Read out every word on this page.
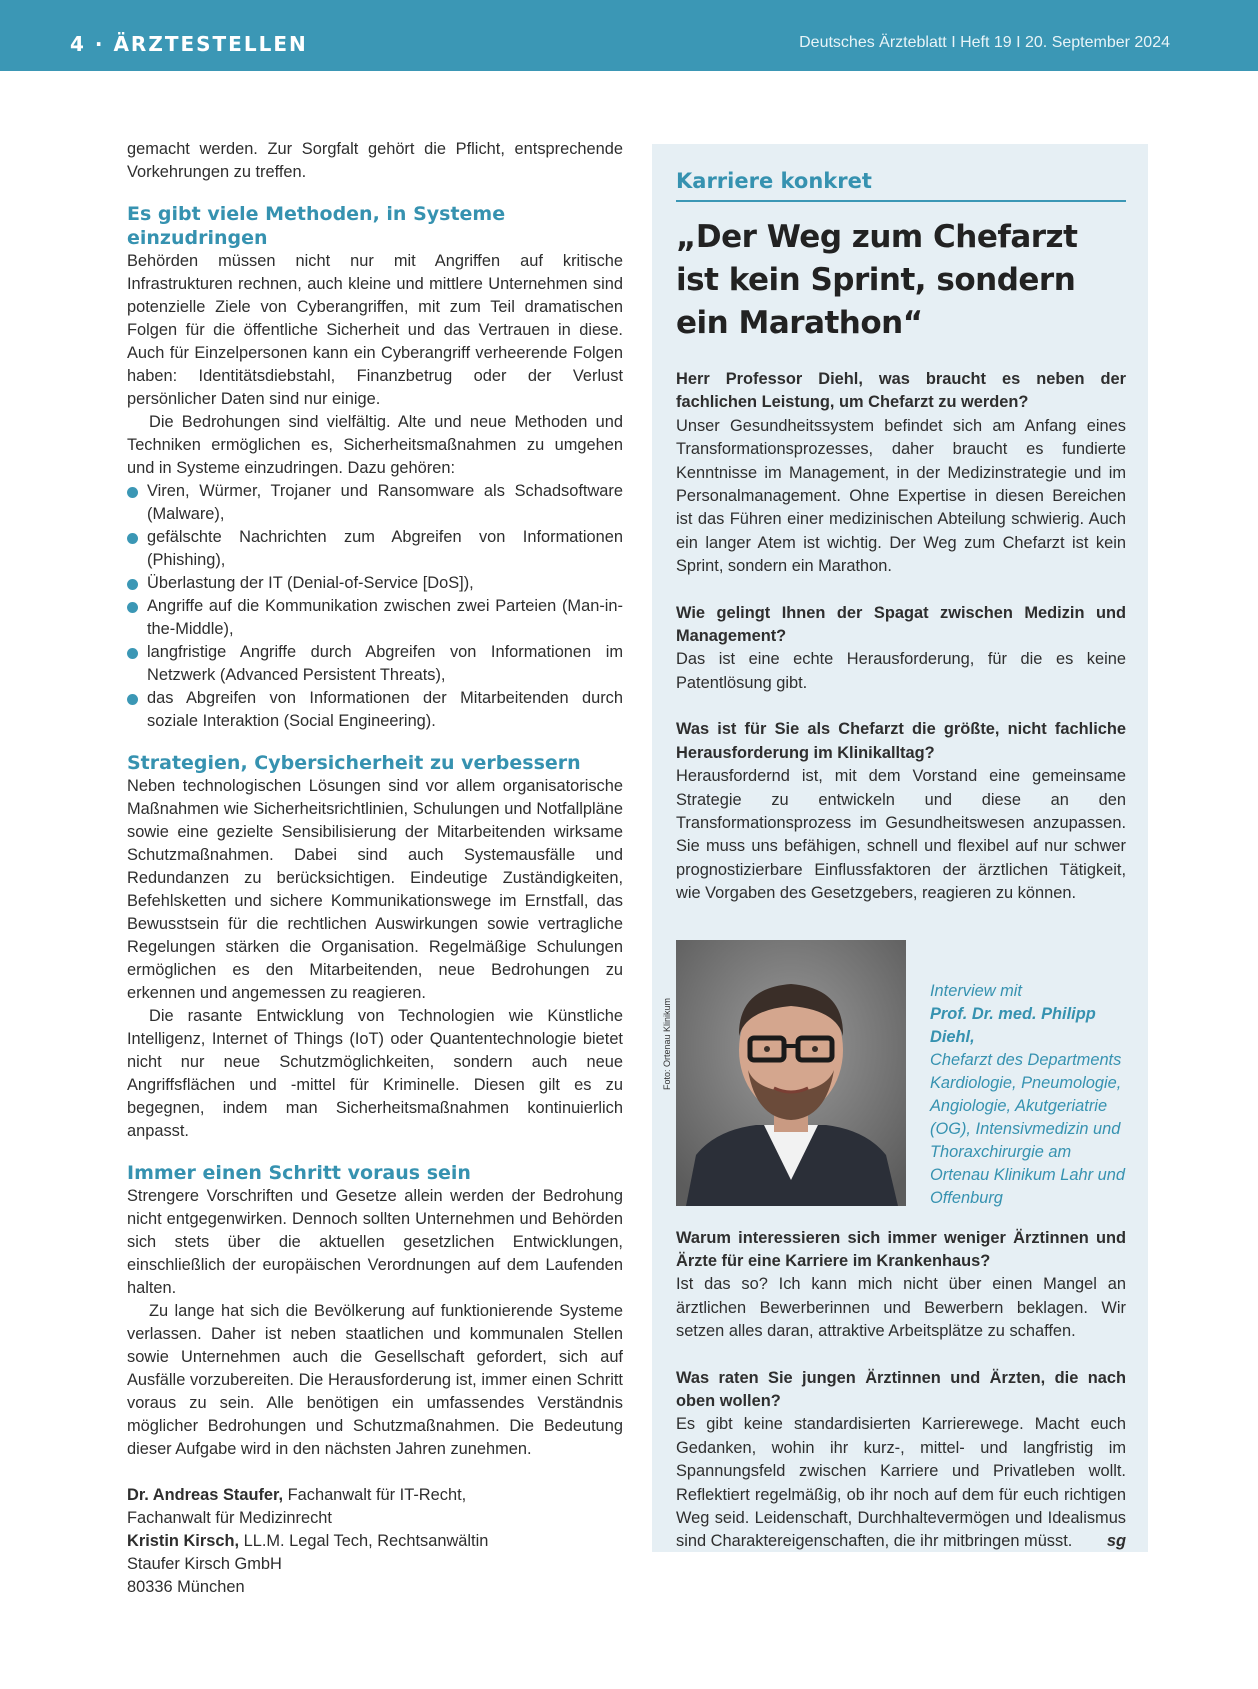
4 · ÄRZTESTELLEN	Deutsches Ärzteblatt I Heft 19 I 20. September 2024

gemacht werden. Zur Sorgfalt gehört die Pflicht, entsprechende Vorkehrungen zu treffen.

Es gibt viele Methoden, in Systeme einzudringen

Behörden müssen nicht nur mit Angriffen auf kritische Infrastrukturen rechnen, auch kleine und mittlere Unternehmen sind potenzielle Ziele von Cyberangriffen, mit zum Teil dramatischen Folgen für die öffentliche Sicherheit und das Vertrauen in diese. Auch für Einzelpersonen kann ein Cyberangriff verheerende Folgen haben: Identitätsdiebstahl, Finanzbetrug oder der Verlust persönlicher Daten sind nur einige.

Die Bedrohungen sind vielfältig. Alte und neue Methoden und Techniken ermöglichen es, Sicherheitsmaßnahmen zu umgehen und in Systeme einzudringen. Dazu gehören:

Viren, Würmer, Trojaner und Ransomware als Schadsoftware (Malware),
gefälschte Nachrichten zum Abgreifen von Informationen (Phishing),
Überlastung der IT (Denial-of-Service [DoS]),
Angriffe auf die Kommunikation zwischen zwei Parteien (Man-in-the-Middle),
langfristige Angriffe durch Abgreifen von Informationen im Netzwerk (Advanced Persistent Threats),
das Abgreifen von Informationen der Mitarbeitenden durch soziale Interaktion (Social Engineering).
Strategien, Cybersicherheit zu verbessern

Neben technologischen Lösungen sind vor allem organisatorische Maßnahmen wie Sicherheitsrichtlinien, Schulungen und Notfallpläne sowie eine gezielte Sensibilisierung der Mitarbeitenden wirksame Schutzmaßnahmen. Dabei sind auch Systemausfälle und Redundanzen zu berücksichtigen. Eindeutige Zuständigkeiten, Befehlsketten und sichere Kommunikationswege im Ernstfall, das Bewusstsein für die rechtlichen Auswirkungen sowie vertragliche Regelungen stärken die Organisation. Regelmäßige Schulungen ermöglichen es den Mitarbeitenden, neue Bedrohungen zu erkennen und angemessen zu reagieren.

Die rasante Entwicklung von Technologien wie Künstliche Intelligenz, Internet of Things (IoT) oder Quantentechnologie bietet nicht nur neue Schutzmöglichkeiten, sondern auch neue Angriffsflächen und -mittel für Kriminelle. Diesen gilt es zu begegnen, indem man Sicherheitsmaßnahmen kontinuierlich anpasst.

Immer einen Schritt voraus sein

Strengere Vorschriften und Gesetze allein werden der Bedrohung nicht entgegenwirken. Dennoch sollten Unternehmen und Behörden sich stets über die aktuellen gesetzlichen Entwicklungen, einschließlich der europäischen Verordnungen auf dem Laufenden halten.

Zu lange hat sich die Bevölkerung auf funktionierende Systeme verlassen. Daher ist neben staatlichen und kommunalen Stellen sowie Unternehmen auch die Gesellschaft gefordert, sich auf Ausfälle vorzubereiten. Die Herausforderung ist, immer einen Schritt voraus zu sein. Alle benötigen ein umfassendes Verständnis möglicher Bedrohungen und Schutzmaßnahmen. Die Bedeutung dieser Aufgabe wird in den nächsten Jahren zunehmen.

Dr. Andreas Staufer, Fachanwalt für IT-Recht,
Fachanwalt für Medizinrecht
Kristin Kirsch, LL.M. Legal Tech, Rechtsanwältin
Staufer Kirsch GmbH
80336 München
Karriere konkret
„Der Weg zum Chefarzt ist kein Sprint, sondern ein Marathon“
Herr Professor Diehl, was braucht es neben der fachlichen Leistung, um Chefarzt zu werden?
Unser Gesundheitssystem befindet sich am Anfang eines Transformationsprozesses, daher braucht es fundierte Kenntnisse im Management, in der Medizinstrategie und im Personalmanagement. Ohne Expertise in diesen Bereichen ist das Führen einer medizinischen Abteilung schwierig. Auch ein langer Atem ist wichtig. Der Weg zum Chefarzt ist kein Sprint, sondern ein Marathon.
Wie gelingt Ihnen der Spagat zwischen Medizin und Management?
Das ist eine echte Herausforderung, für die es keine Patentlösung gibt.
Was ist für Sie als Chefarzt die größte, nicht fachliche Herausforderung im Klinikalltag?
Herausfordernd ist, mit dem Vorstand eine gemeinsame Strategie zu entwickeln und diese an den Transformationsprozess im Gesundheitswesen anzupassen. Sie muss uns befähigen, schnell und flexibel auf nur schwer prognostizierbare Einflussfaktoren der ärztlichen Tätigkeit, wie Vorgaben des Gesetzgebers, reagieren zu können.
Foto: Ortenau Klinikum
Interview mit
Prof. Dr. med. Philipp Diehl,
Chefarzt des Departments Kardiologie, Pneumologie, Angiologie, Akutgeriatrie (OG), Intensivmedizin und Thoraxchirurgie am Ortenau Klinikum Lahr und Offenburg
Warum interessieren sich immer weniger Ärztinnen und Ärzte für eine Karriere im Krankenhaus?
Ist das so? Ich kann mich nicht über einen Mangel an ärztlichen Bewerberinnen und Bewerbern beklagen. Wir setzen alles daran, attraktive Arbeitsplätze zu schaffen.
Was raten Sie jungen Ärztinnen und Ärzten, die nach oben wollen?
Es gibt keine standardisierten Karrierewege. Macht euch Gedanken, wohin ihr kurz-, mittel- und langfristig im Spannungsfeld zwischen Karriere und Privatleben wollt. Reflektiert regelmäßig, ob ihr noch auf dem für euch richtigen Weg seid. Leidenschaft, Durchhaltevermögen und Idealismus sind Charaktereigenschaften, die ihr mitbringen müsst. sg
